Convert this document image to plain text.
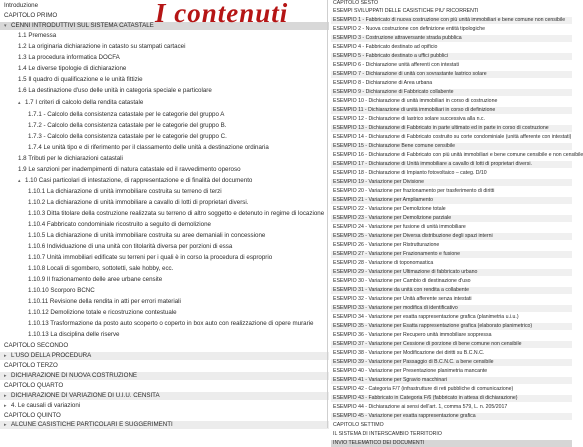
Introduzione
CAPITOLO PRIMO
▾ CENNI INTRODUTTIVI SUL SISTEMA CATASTALE
1.1 Premessa
1.2 La originaria dichiarazione in catasto su stampati cartacei
1.3 La procedura informatica DOCFA
1.4 Le diverse tipologie di dichiarazione
1.5 Il quadro di qualificazione e le unità fittizie
1.6 La destinazione d'uso delle unità in categoria speciale e particolare
▴ 1.7 I criteri di calcolo della rendita catastale
1.7.1 - Calcolo della consistenza catastale per le categorie del gruppo A
1.7.2 - Calcolo della consistenza catastale per le categorie del gruppo B.
1.7.3 - Calcolo della consistenza catastale per le categorie del gruppo C.
1.7.4 Le unità tipo e di riferimento per il classamento delle unità a destinazione ordinaria
1.8 Tributi per le dichiarazioni catastali
1.9 Le sanzioni per inadempimenti di natura catastale ed il ravvedimento operoso
▴ 1.10 Casi particolari di intestazione, di rappresentazione e di finalità del documento
1.10.1 La dichiarazione di unità immobiliare costruita su terreno di terzi
1.10.2 La dichiarazione di unità immobiliare a cavallo di lotti di proprietari diversi.
1.10.3 Ditta titolare della costruzione realizzata su terreno di altro soggetto e detenuto in regime di locazione
1.10.4 Fabbricato condominiale ricostruito a seguito di demolizione
1.10.5 La dichiarazione di unità immobiliare costruita su aree demaniali in concessione
1.10.6 Individuazione di una unità con titolarità diversa per porzioni di essa
1.10.7 Unità immobiliari edificate su terreni per i quali è in corso la procedura di esproprio
1.10.8 Locali di sgombero, sottotetti, sale hobby, ecc.
1.10.9 Il frazionamento delle aree urbane censite
1.10.10 Scorporo BCNC
1.10.11 Revisione della rendita in atti per errori materiali
1.10.12 Demolizione totale e ricostruzione contestuale
1.10.13 Trasformazione da posto auto scoperto o coperto in box auto con realizzazione di opere murarie
1.10.13 La disciplina delle riserve
CAPITOLO SECONDO
▸ L'USO DELLA PROCEDURA
CAPITOLO TERZO
▸ DICHIARAZIONE DI NUOVA COSTRUZIONE
CAPITOLO QUARTO
▸ DICHIARAZIONE DI VARIAZIONE DI U.I.U. CENSITA
▸ 4. Le causali di variazioni
CAPITOLO QUINTO
▸ ALCUNE CASISTICHE PARTICOLARI E SUGGERIMENTI
CAPITOLO SESTO
ESEMPI SVILUPPATI DELLE CASISTICHE PIU' RICORRENTI
ESEMPIO 1 - Fabbricato di nuova costruzione con più unità immobiliari e bene comune non censibile
ESEMPIO 2 - Nuova costruzione con definizione entità tipologiche
ESEMPIO 3 - Costruzione attraversante strada pubblica
ESEMPIO 4 - Fabbricato destinato ad opificio
ESEMPIO 5 - Fabbricato destinato a uffici pubblici
ESEMPIO 6 - Dichiarazione unità afferenti con intestati
ESEMPIO 7 - Dichiarazione di unità con sovrastante lastrico solare
ESEMPIO 8 - Dichiarazione di Area urbana
ESEMPIO 9 - Dichiarazione di Fabbricato collabente
ESEMPIO 10 - Dichiarazione di unità immobiliari in corso di costruzione
ESEMPIO 11 - Dichiarazione di unità immobiliari in corso di definizione
ESEMPIO 12 - Dichiarazione di lastrico solare successiva alla n.c.
ESEMPIO 13 - Dichiarazione di Fabbricato in parte ultimato ed in parte in corso di costruzione
ESEMPIO 14 - Dichiarazione di Fabbricato costruito su corte condominiale (unità afferente con intestati)
ESEMPIO 15 - Dichiarazione Bene comune censibile
ESEMPIO 16 - Dichiarazione di Fabbricato con più unità immobiliari e bene comune censibile e non censibile
ESEMPIO 17 - Dichiarazione di Unità immobiliare a cavallo di lotti di proprietari diversi.
ESEMPIO 18 - Dichiarazione di Impianto fotovoltaico – categ. D/10
ESEMPIO 19 - Variazione per Divisione
ESEMPIO 20 - Variazione per frazionamento per trasferimento di diritti
ESEMPIO 21 - Variazione per Ampliamento
ESEMPIO 22 - Variazione per Demolizione totale
ESEMPIO 23 - Variazione per Demolizione parziale
ESEMPIO 24 - Variazione per fusione di unità immobiliare
ESEMPIO 25 - Variazione per Diversa distribuzione degli spazi interni
ESEMPIO 26 - Variazione per Ristrutturazione
ESEMPIO 27 - Variazione per Frazionamento e fusione
ESEMPIO 28 - Variazione di toponomastica
ESEMPIO 29 - Variazione per Ultimazione di fabbricato urbano
ESEMPIO 30 - Variazione per Cambio di destinazione d'uso
ESEMPIO 31 - Variazione da unità con rendita a collabente
ESEMPIO 32 - Variazione per Unità afferente senza intestati
ESEMPIO 33 - Variazione per modifica di identificativo
ESEMPIO 34 - Variazione per esatta rappresentazione grafica (planimetria u.i.u.)
ESEMPIO 35 - Variazione per Esatta rappresentazione grafica (elaborato planimetrico)
ESEMPIO 36 - Variazione per Recupero unità immobiliare soppressa
ESEMPIO 37 - Variazione per Cessione di porzione di bene comune non censibile
ESEMPIO 38 - Variazione per Modificazione dei diritti su B.C.N.C.
ESEMPIO 39 - Variazione per Passaggio di B.C.N.C. a bene censibile
ESEMPIO 40 - Variazione per Presentazione planimetria mancante
ESEMPIO 41 - Variazione per Sgravio macchinari
ESEMPIO 42 - Categoria F/7 (infrastrutture di reti pubbliche di comunicazione)
ESEMPIO 43 - Fabbricato in Categoria F/6 (fabbricato in attesa di dichiarazione)
ESEMPIO 44 - Dichiarazione ai sensi dell'art. 1, comma 579, L. n. 205/2017
ESEMPIO 45 - Variazione per esatta rappresentazione grafica
CAPITOLO SETTIMO
IL SISTEMA DI INTERSCAMBIO TERRITORIO
INVIO TELEMATICO DEI DOCUMENTI
I contenuti
